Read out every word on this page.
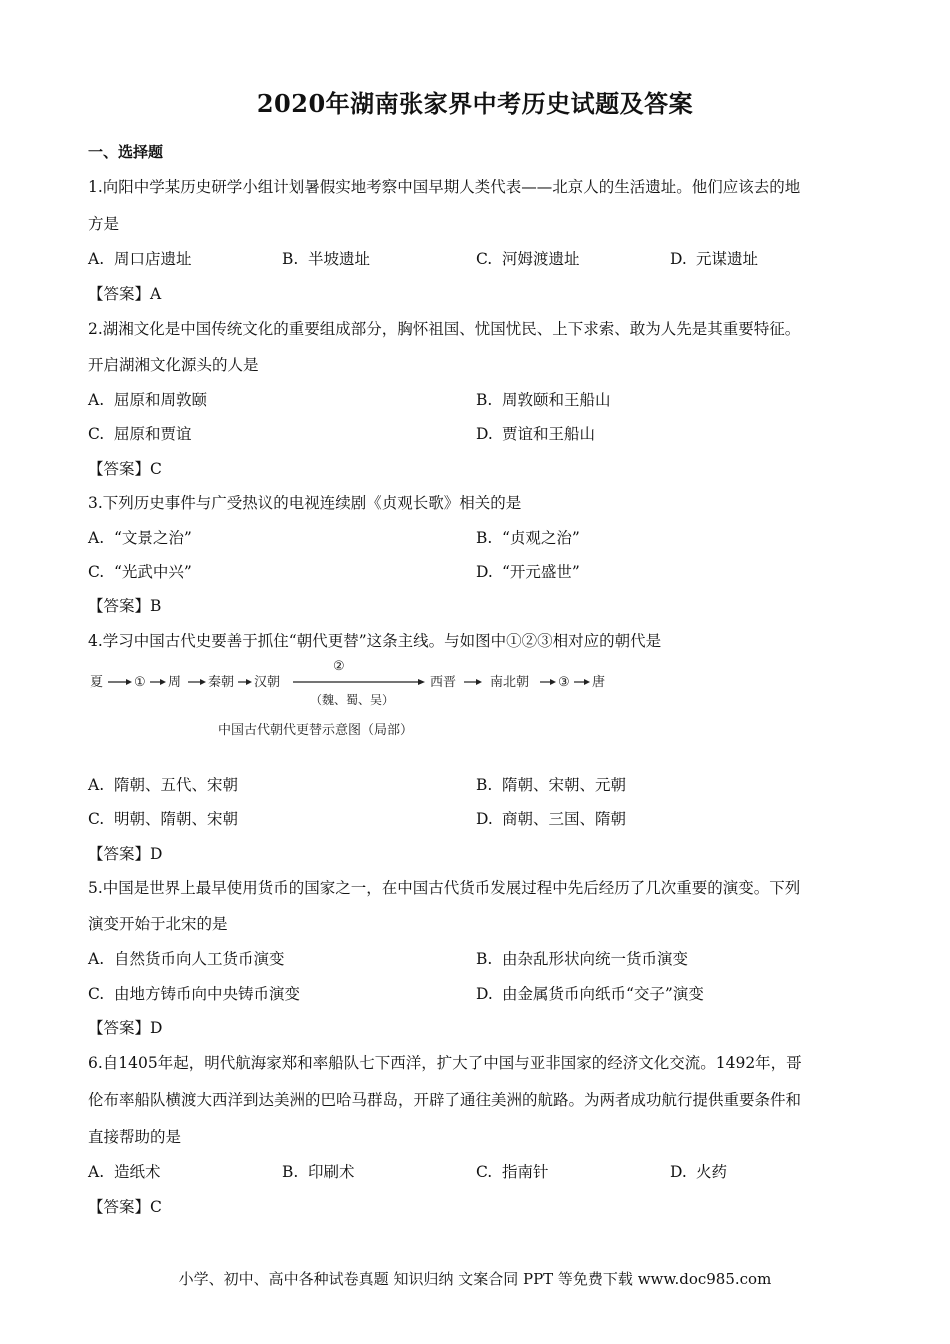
2020年湖南张家界中考历史试题及答案
一、选择题
1.向阳中学某历史研学小组计划暑假实地考察中国早期人类代表——北京人的生活遗址。他们应该去的地
方是
A. 周口店遗址	B. 半坡遗址	C. 河姆渡遗址	D. 元谋遗址
【答案】A
2.湖湘文化是中国传统文化的重要组成部分，胸怀祖国、忧国忧民、上下求索、敢为人先是其重要特征。
开启湖湘文化源头的人是
A. 屈原和周敦颐	B. 周敦颐和王船山
C. 屈原和贾谊	D. 贾谊和王船山
【答案】C
3.下列历史事件与广受热议的电视连续剧《贞观长歌》相关的是
A. “文景之治”	B. “贞观之治”
C. “光武中兴”	D. “开元盛世”
【答案】B
4.学习中国古代史要善于抓住“朝代更替”这条主线。与如图中①②③相对应的朝代是
夏 ① 周 秦朝 汉朝
②
（魏、蜀、吴）
西晋	南北朝 ③ 唐
中国古代朝代更替示意图（局部）
A. 隋朝、五代、宋朝	B. 隋朝、宋朝、元朝
C. 明朝、隋朝、宋朝	D. 商朝、三国、隋朝
【答案】D
5.中国是世界上最早使用货币的国家之一，在中国古代货币发展过程中先后经历了几次重要的演变。下列
演变开始于北宋的是
A. 自然货币向人工货币演变	B. 由杂乱形状向统一货币演变
C. 由地方铸币向中央铸币演变	D. 由金属货币向纸币“交子”演变
【答案】D
6.自1405年起，明代航海家郑和率船队七下西洋，扩大了中国与亚非国家的经济文化交流。1492年，哥
伦布率船队横渡大西洋到达美洲的巴哈马群岛，开辟了通往美洲的航路。为两者成功航行提供重要条件和
直接帮助的是
A. 造纸术	B. 印刷术	C. 指南针	D. 火药
【答案】C
小学、初中、高中各种试卷真题 知识归纳 文案合同 PPT 等免费下载 www.doc985.com
